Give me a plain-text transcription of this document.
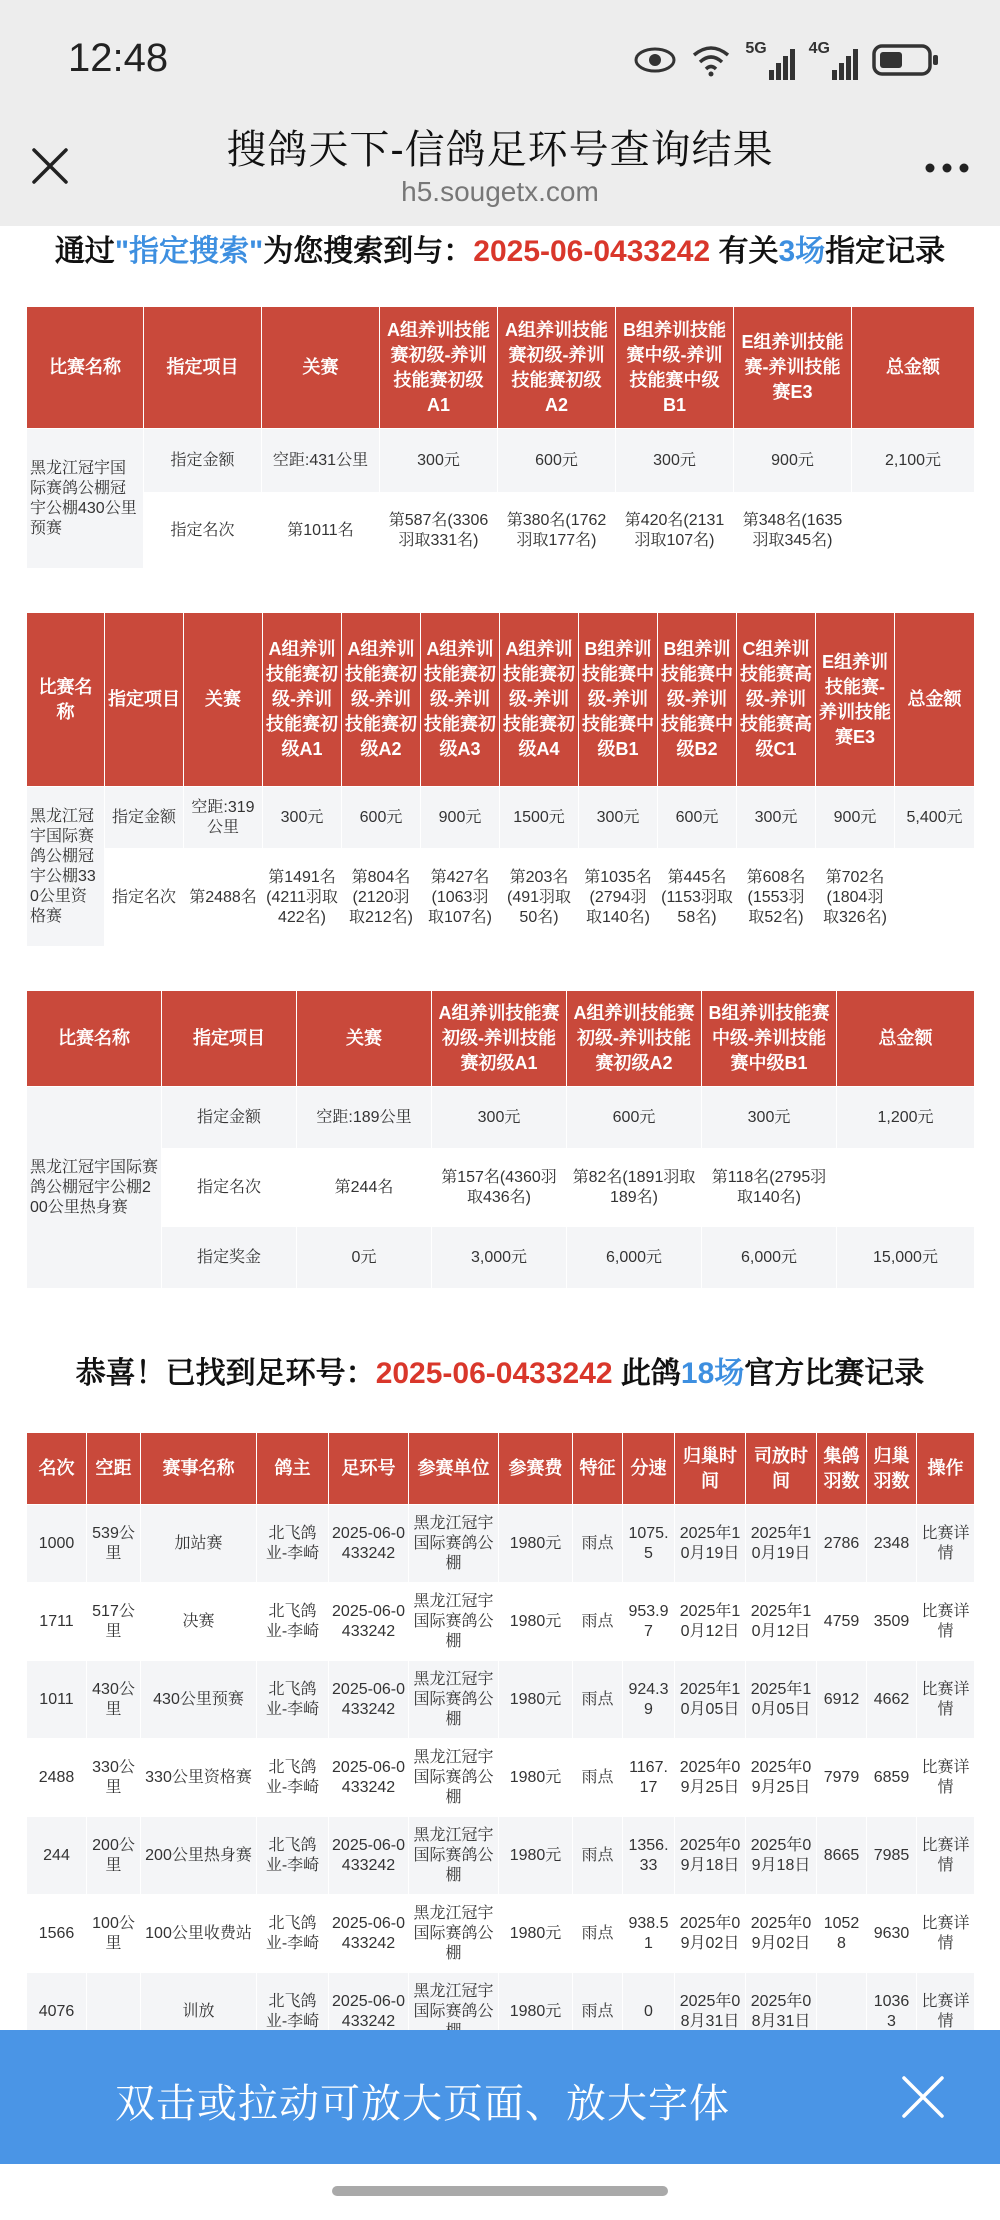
12:48	5G	4G
搜鸽天下-信鸽足环号查询结果
h5.sougetx.com
通过"指定搜索"为您搜索到与：2025-06-0433242 有关3场指定记录
比赛名称	指定项目	关赛	A组养训技能赛初级-养训技能赛初级A1	A组养训技能赛初级-养训技能赛初级A2	B组养训技能赛中级-养训技能赛中级B1	E组养训技能赛-养训技能赛E3	总金额
黑龙江冠宇国际赛鸽公棚冠宇公棚430公里预赛	指定金额	空距:431公里	300元	600元	300元	900元	2,100元
	指定名次	第1011名	第587名(3306羽取331名)	第380名(1762羽取177名)	第420名(2131羽取107名)	第348名(1635羽取345名)	
比赛名称	指定项目	关赛	A组养训技能赛初级-养训技能赛初级A1	A组养训技能赛初级-养训技能赛初级A2	A组养训技能赛初级-养训技能赛初级A3	A组养训技能赛初级-养训技能赛初级A4	B组养训技能赛中级-养训技能赛中级B1	B组养训技能赛中级-养训技能赛中级B2	C组养训技能赛高级-养训技能赛高级C1	E组养训技能赛-养训技能赛E3	总金额
黑龙江冠宇国际赛鸽公棚冠宇公棚330公里资格赛	指定金额	空距:319公里	300元	600元	900元	1500元	300元	600元	300元	900元	5,400元
	指定名次	第2488名	第1491名(4211羽取422名)	第804名(2120羽取212名)	第427名(1063羽取107名)	第203名(491羽取50名)	第1035名(2794羽取140名)	第445名(1153羽取58名)	第608名(1553羽取52名)	第702名(1804羽取326名)	
比赛名称	指定项目	关赛	A组养训技能赛初级-养训技能赛初级A1	A组养训技能赛初级-养训技能赛初级A2	B组养训技能赛中级-养训技能赛中级B1	总金额
黑龙江冠宇国际赛鸽公棚冠宇公棚200公里热身赛	指定金额	空距:189公里	300元	600元	300元	1,200元
	指定名次	第244名	第157名(4360羽取436名)	第82名(1891羽取189名)	第118名(2795羽取140名)	
	指定奖金	0元	3,000元	6,000元	6,000元	15,000元
恭喜！已找到足环号：2025-06-0433242 此鸽18场官方比赛记录
名次	空距	赛事名称	鸽主	足环号	参赛单位	参赛费	特征	分速	归巢时间	司放时间	集鸽羽数	归巢羽数	操作
1000	539公里	加站赛	北飞鸽业-李崎	2025-06-0433242	黑龙江冠宇国际赛鸽公棚	1980元	雨点	1075.5	2025年10月19日	2025年10月19日	2786	2348	比赛详情
1711	517公里	决赛	北飞鸽业-李崎	2025-06-0433242	黑龙江冠宇国际赛鸽公棚	1980元	雨点	953.97	2025年10月12日	2025年10月12日	4759	3509	比赛详情
1011	430公里	430公里预赛	北飞鸽业-李崎	2025-06-0433242	黑龙江冠宇国际赛鸽公棚	1980元	雨点	924.39	2025年10月05日	2025年10月05日	6912	4662	比赛详情
2488	330公里	330公里资格赛	北飞鸽业-李崎	2025-06-0433242	黑龙江冠宇国际赛鸽公棚	1980元	雨点	1167.17	2025年09月25日	2025年09月25日	7979	6859	比赛详情
244	200公里	200公里热身赛	北飞鸽业-李崎	2025-06-0433242	黑龙江冠宇国际赛鸽公棚	1980元	雨点	1356.33	2025年09月18日	2025年09月18日	8665	7985	比赛详情
1566	100公里	100公里收费站	北飞鸽业-李崎	2025-06-0433242	黑龙江冠宇国际赛鸽公棚	1980元	雨点	938.51	2025年09月02日	2025年09月02日	10528	9630	比赛详情
4076		训放	北飞鸽业-李崎	2025-06-0433242	黑龙江冠宇国际赛鸽公	1980元	雨点	0	2025年08月31日	2025年08月31日		10363	比赛详情
双击或拉动可放大页面、放大字体
